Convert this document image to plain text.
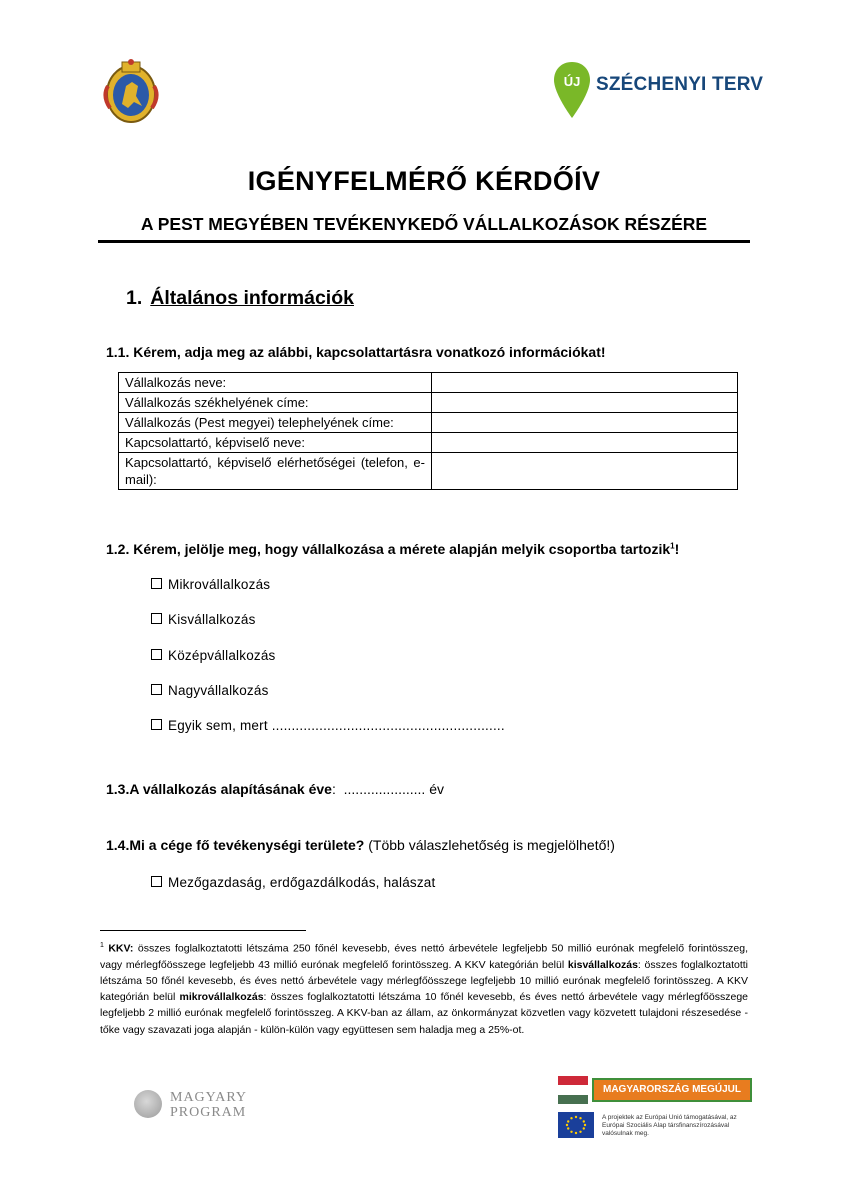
ÚJ SZÉCHENYI TERV
IGÉNYFELMÉRŐ KÉRDŐÍV
A PEST MEGYÉBEN TEVÉKENYKEDŐ VÁLLALKOZÁSOK RÉSZÉRE
1. Általános információk
1.1. Kérem, adja meg az alábbi, kapcsolattartásra vonatkozó információkat!
Vállalkozás neve:	
Vállalkozás székhelyének címe:	
Vállalkozás (Pest megyei) telephelyének címe:	
Kapcsolattartó, képviselő neve:	
Kapcsolattartó, képviselő elérhetőségei (telefon, e-mail):	
1.2. Kérem, jelölje meg, hogy vállalkozása a mérete alapján melyik csoportba tartozik$^1$!
Mikrovállalkozás
Kisvállalkozás
Középvállalkozás
Nagyvállalkozás
Egyik sem, mert ...........................................................
1.3.A vállalkozás alapításának éve: ..................... év
1.4.Mi a cége fő tevékenységi területe? (Több válaszlehetőség is megjelölhető!)
Mezőgazdaság, erdőgazdálkodás, halászat
$^1$ KKV: összes foglalkoztatotti létszáma 250 főnél kevesebb, éves nettó árbevétele legfeljebb 50 millió eurónak megfelelő forintösszeg, vagy mérlegfőösszege legfeljebb 43 millió eurónak megfelelő forintösszeg. A KKV kategórián belül kisvállalkozás: összes foglalkoztatotti létszáma 50 főnél kevesebb, és éves nettó árbevétele vagy mérlegfőösszege legfeljebb 10 millió eurónak megfelelő forintösszeg. A KKV kategórián belül mikrovállalkozás: összes foglalkoztatotti létszáma 10 főnél kevesebb, és éves nettó árbevétele vagy mérlegfőösszege legfeljebb 2 millió eurónak megfelelő forintösszeg. A KKV-ban az állam, az önkormányzat közvetlen vagy közvetett tulajdoni részesedése - tőke vagy szavazati joga alapján - külön-külön vagy együttesen sem haladja meg a 25%-ot.
MAGYARY
PROGRAM
MAGYARORSZÁG MEGÚJUL
A projektek az Európai Unió támogatásával, az Európai Szociális Alap társfinanszírozásával valósulnak meg.
